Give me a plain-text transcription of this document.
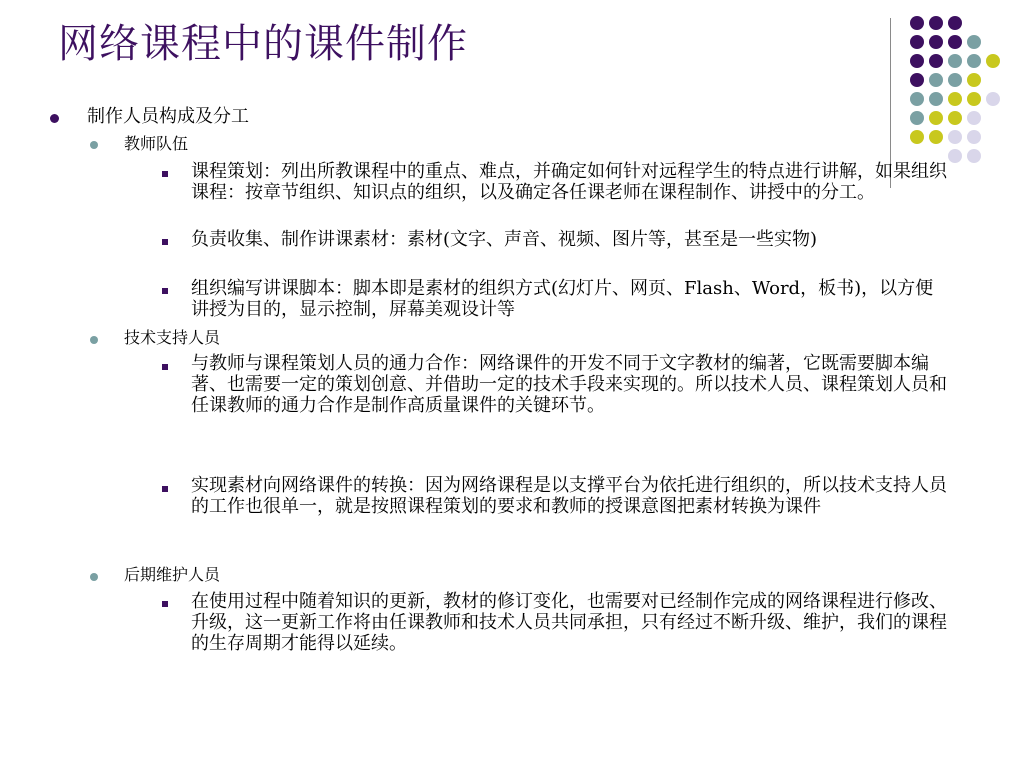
网络课程中的课件制作
制作人员构成及分工
教师队伍
课程策划：列出所教课程中的重点、难点，并确定如何针对远程学生的特点进行讲解，如果组织课程：按章节组织、知识点的组织，以及确定各任课老师在课程制作、讲授中的分工。
负责收集、制作讲课素材：素材(文字、声音、视频、图片等，甚至是一些实物)
组织编写讲课脚本：脚本即是素材的组织方式(幻灯片、网页、Flash、Word，板书)，以方便讲授为目的，显示控制，屏幕美观设计等
技术支持人员
与教师与课程策划人员的通力合作：网络课件的开发不同于文字教材的编著，它既需要脚本编著、也需要一定的策划创意、并借助一定的技术手段来实现的。所以技术人员、课程策划人员和任课教师的通力合作是制作高质量课件的关键环节。
实现素材向网络课件的转换：因为网络课程是以支撑平台为依托进行组织的，所以技术支持人员的工作也很单一，就是按照课程策划的要求和教师的授课意图把素材转换为课件
后期维护人员
在使用过程中随着知识的更新，教材的修订变化，也需要对已经制作完成的网络课程进行修改、升级，这一更新工作将由任课教师和技术人员共同承担，只有经过不断升级、维护，我们的课程的生存周期才能得以延续。
